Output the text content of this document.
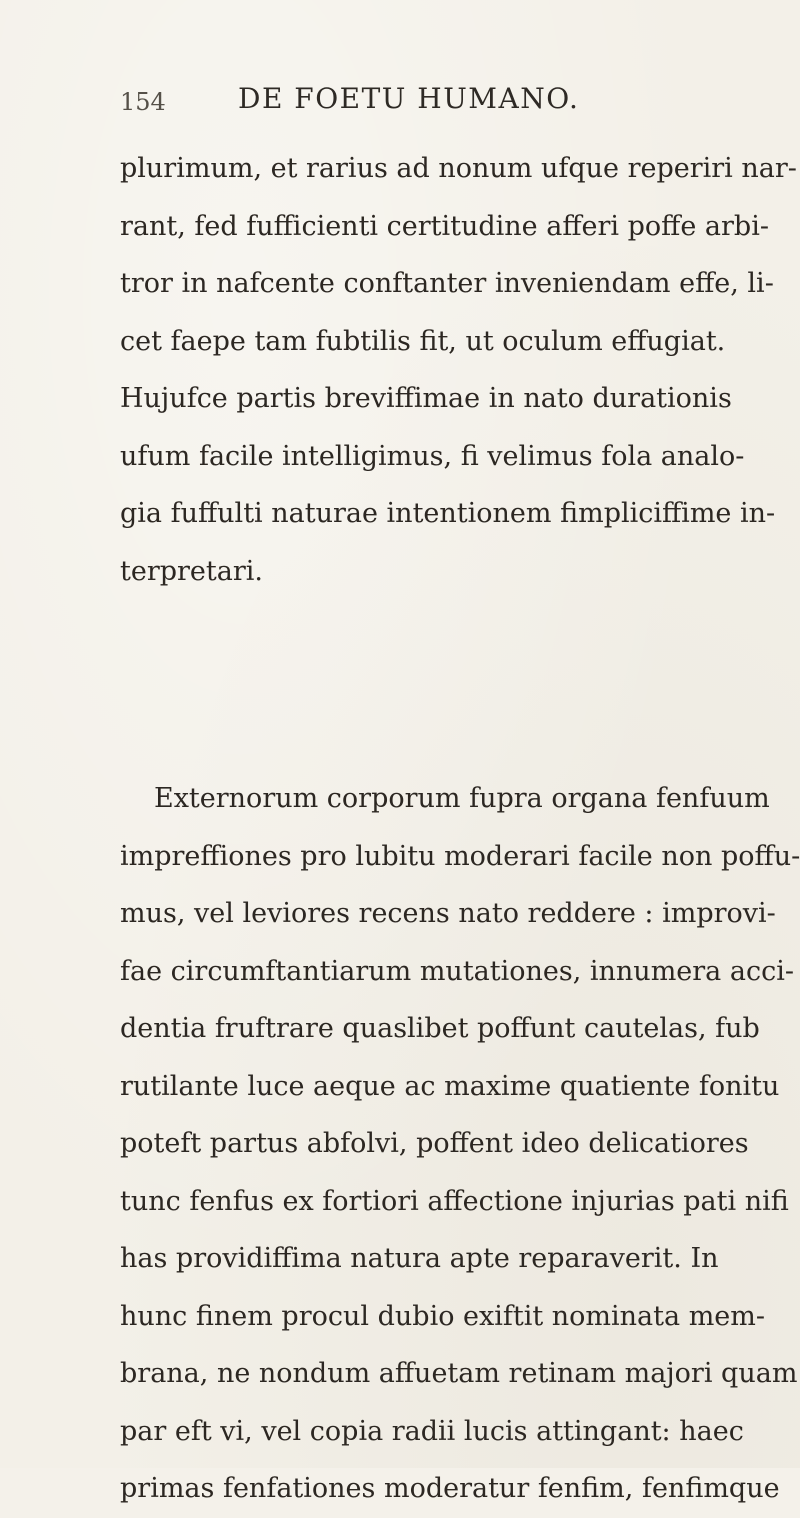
154	DE FOETU HUMANO.
plurimum, et rarius ad nonum ufque reperiri nar-
rant, fed fufficienti certitudine afferi poffe arbi-
tror in nafcente conftanter inveniendam effe, li-
cet faepe tam fubtilis fit, ut oculum effugiat.
Hujufce partis breviffimae in nato durationis
ufum facile intelligimus, fi velimus fola analo-
gia fuffulti naturae intentionem fimpliciffime in-
terpretari.
Externorum corporum fupra organa fenfuum
impreffiones pro lubitu moderari facile non poffu-
mus, vel leviores recens nato reddere : improvi-
fae circumftantiarum mutationes, innumera acci-
dentia fruftrare quaslibet poffunt cautelas, fub
rutilante luce aeque ac maxime quatiente fonitu
poteft partus abfolvi, poffent ideo delicatiores
tunc fenfus ex fortiori affectione injurias pati nifi
has providiffima natura apte reparaverit. In
hunc finem procul dubio exiftit nominata mem-
brana, ne nondum affuetam retinam majori quam
par eft vi, vel copia radii lucis attingant: haec
primas fenfationes moderatur fenfim, fenfimque
